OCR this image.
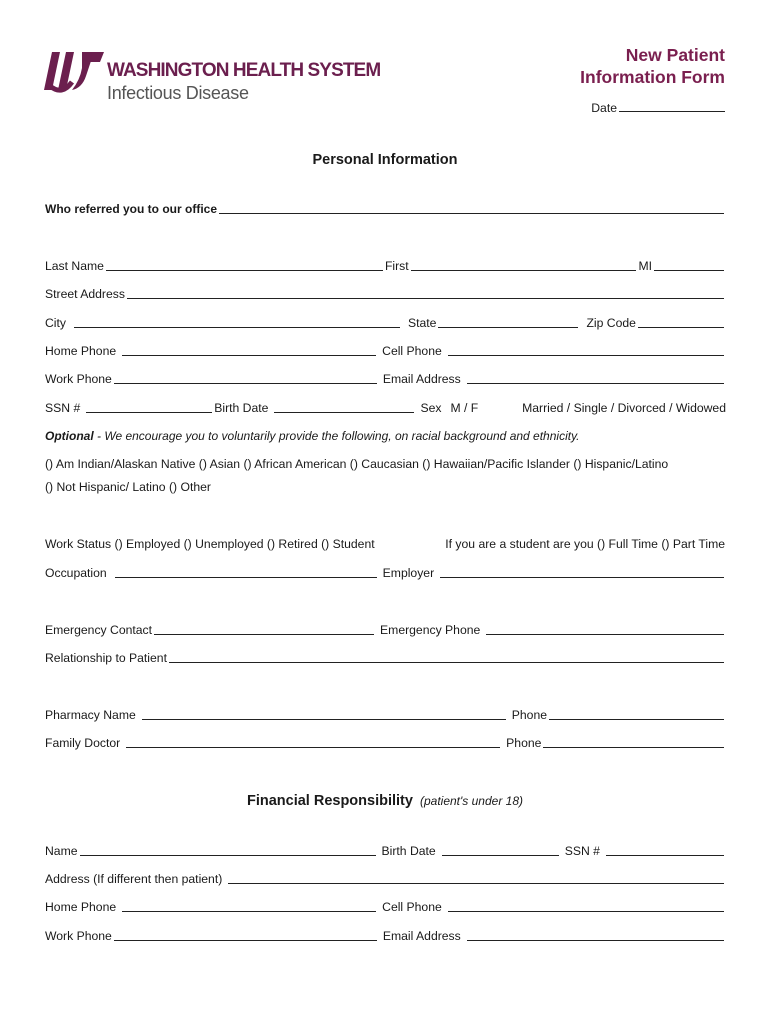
WASHINGTON HEALTH SYSTEM
Infectious Disease
New Patient
Information Form
Date
Personal Information
Who referred you to our office
Last Name	First	MI
Street Address
City	State	Zip Code
Home Phone	Cell Phone
Work Phone	Email Address
SSN #	Birth Date	Sex M / F	Married / Single / Divorced / Widowed
Optional - We encourage you to voluntarily provide the following, on racial background and ethnicity.
() Am Indian/Alaskan Native () Asian () African American () Caucasian () Hawaiian/Pacific Islander () Hispanic/Latino
() Not Hispanic/ Latino () Other
Work Status () Employed () Unemployed () Retired () Student	If you are a student are you () Full Time () Part Time
Occupation	Employer
Emergency Contact	Emergency Phone
Relationship to Patient
Pharmacy Name	Phone
Family Doctor	Phone
Financial Responsibility (patient's under 18)
Name	Birth Date	SSN #
Address (If different then patient)
Home Phone	Cell Phone
Work Phone	Email Address
